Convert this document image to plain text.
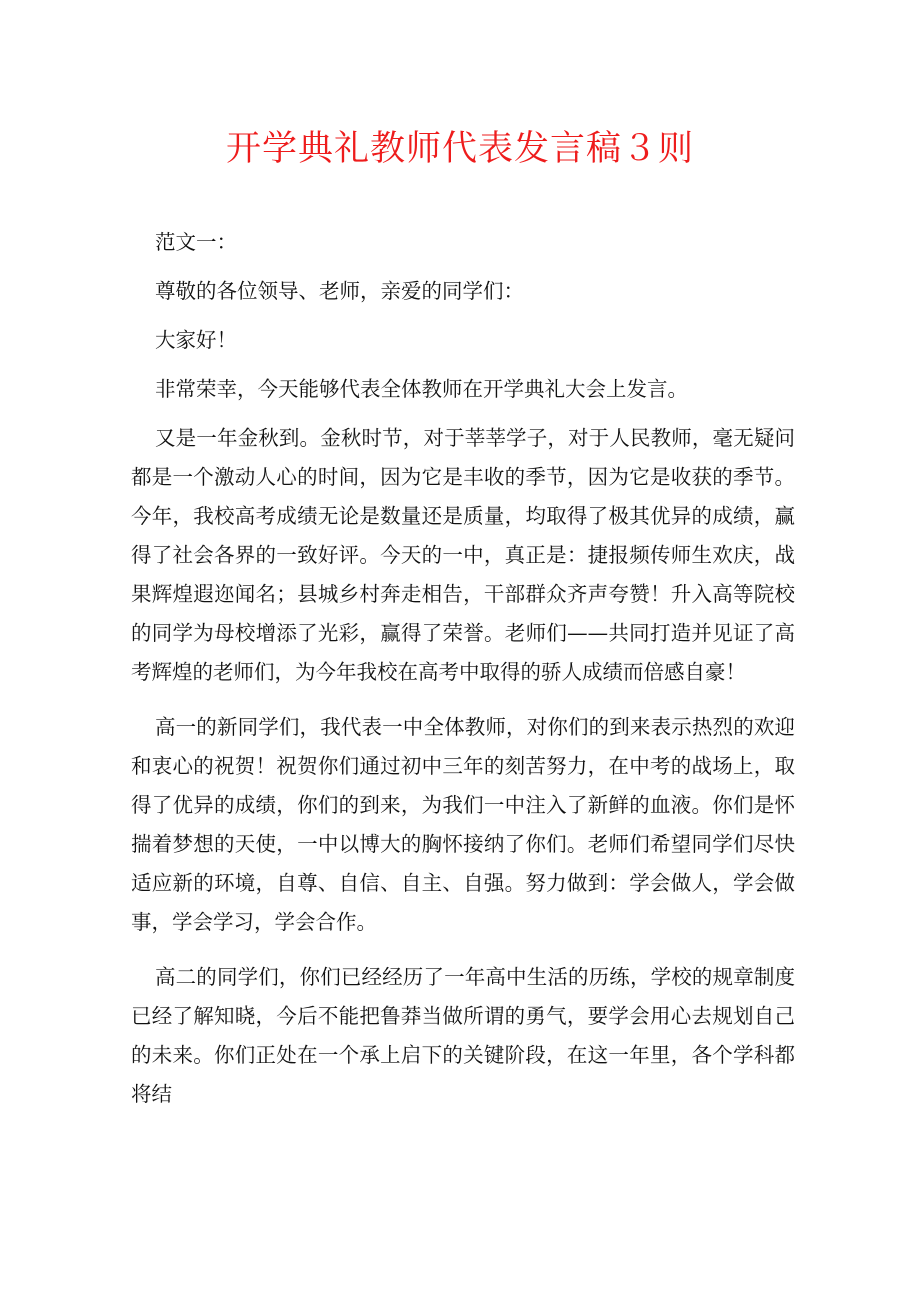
开学典礼教师代表发言稿３则

范文一：

尊敬的各位领导、老师，亲爱的同学们：

大家好！

非常荣幸，今天能够代表全体教师在开学典礼大会上发言。

又是一年金秋到。金秋时节，对于莘莘学子，对于人民教师，毫无疑问都是一个激动人心的时间，因为它是丰收的季节，因为它是收获的季节。今年，我校高考成绩无论是数量还是质量，均取得了极其优异的成绩，赢得了社会各界的一致好评。今天的一中，真正是：捷报频传师生欢庆，战果辉煌遐迩闻名；县城乡村奔走相告，干部群众齐声夸赞！升入高等院校的同学为母校增添了光彩，赢得了荣誉。老师们——共同打造并见证了高考辉煌的老师们，为今年我校在高考中取得的骄人成绩而倍感自豪！

高一的新同学们，我代表一中全体教师，对你们的到来表示热烈的欢迎和衷心的祝贺！祝贺你们通过初中三年的刻苦努力，在中考的战场上，取得了优异的成绩，你们的到来，为我们一中注入了新鲜的血液。你们是怀揣着梦想的天使，一中以博大的胸怀接纳了你们。老师们希望同学们尽快适应新的环境，自尊、自信、自主、自强。努力做到：学会做人，学会做事，学会学习，学会合作。

高二的同学们，你们已经经历了一年高中生活的历练，学校的规章制度已经了解知晓，今后不能把鲁莽当做所谓的勇气，要学会用心去规划自己的未来。你们正处在一个承上启下的关键阶段，在这一年里，各个学科都将结
